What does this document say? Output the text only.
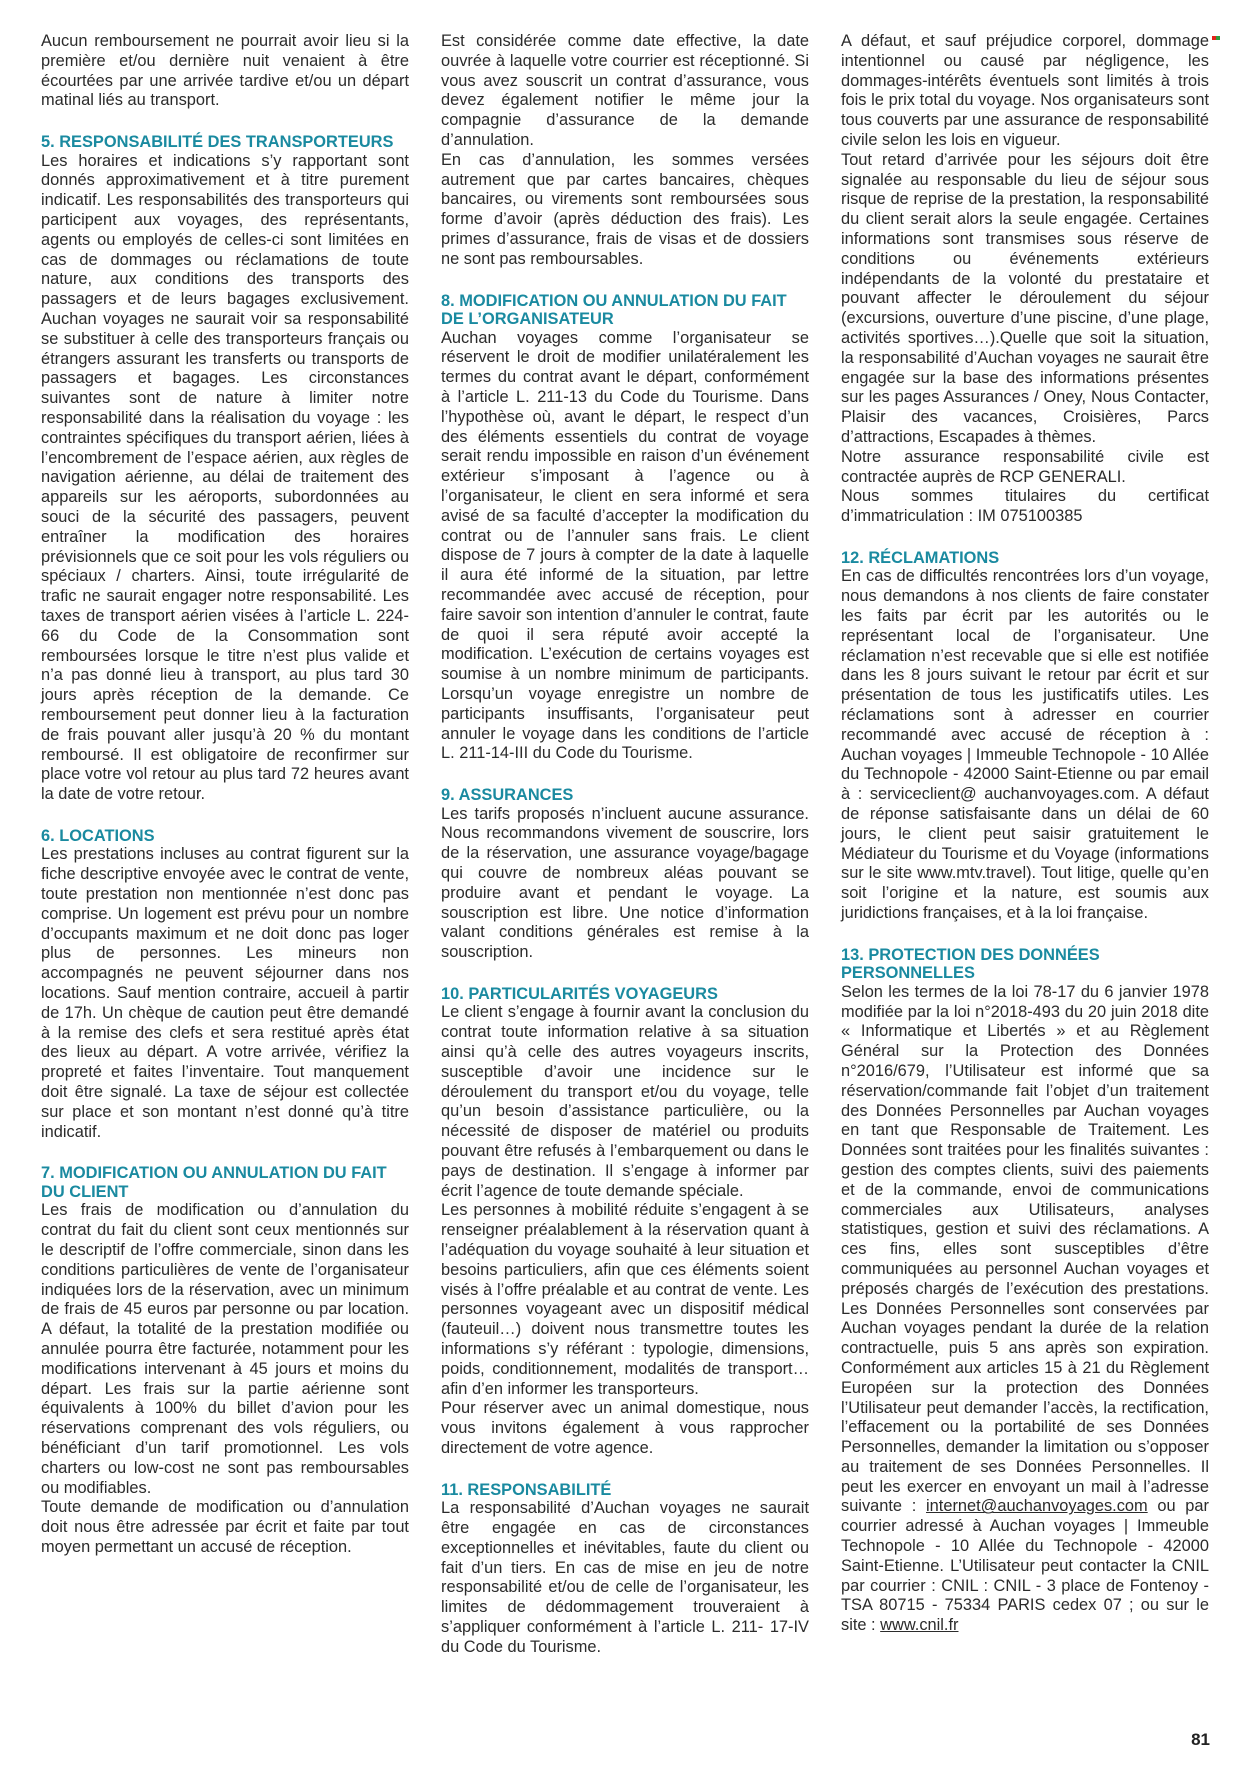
Aucun remboursement ne pourrait avoir lieu si la première et/ou dernière nuit venaient à être écourtées par une arrivée tardive et/ou un départ matinal liés au transport.

5. RESPONSABILITÉ DES TRANSPORTEURS

Les horaires et indications s’y rapportant sont donnés approximativement et à titre purement indicatif. Les responsabilités des transporteurs qui participent aux voyages, des représentants, agents ou employés de celles-ci sont limitées en cas de dommages ou réclamations de toute nature, aux conditions des transports des passagers et de leurs bagages exclusivement. Auchan voyages ne saurait voir sa responsabilité se substituer à celle des transporteurs français ou étrangers assurant les transferts ou transports de passagers et bagages. Les circonstances suivantes sont de nature à limiter notre responsabilité dans la réalisation du voyage : les contraintes spécifiques du transport aérien, liées à l’encombrement de l’espace aérien, aux règles de navigation aérienne, au délai de traitement des appareils sur les aéroports, subordonnées au souci de la sécurité des passagers, peuvent entraîner la modification des horaires prévisionnels que ce soit pour les vols réguliers ou spéciaux / charters. Ainsi, toute irrégularité de trafic ne saurait engager notre responsabilité. Les taxes de transport aérien visées à l’article L. 224-66 du Code de la Consommation sont remboursées lorsque le titre n’est plus valide et n’a pas donné lieu à transport, au plus tard 30 jours après réception de la demande. Ce remboursement peut donner lieu à la facturation de frais pouvant aller jusqu’à 20 % du montant remboursé. Il est obligatoire de reconfirmer sur place votre vol retour au plus tard 72 heures avant la date de votre retour.

6. LOCATIONS

Les prestations incluses au contrat figurent sur la fiche descriptive envoyée avec le contrat de vente, toute prestation non mentionnée n’est donc pas comprise. Un logement est prévu pour un nombre d’occupants maximum et ne doit donc pas loger plus de personnes. Les mineurs non accompagnés ne peuvent séjourner dans nos locations. Sauf mention contraire, accueil à partir de 17h. Un chèque de caution peut être demandé à la remise des clefs et sera restitué après état des lieux au départ. A votre arrivée, vérifiez la propreté et faites l’inventaire. Tout manquement doit être signalé. La taxe de séjour est collectée sur place et son montant n’est donné qu’à titre indicatif.

7. MODIFICATION OU ANNULATION DU FAIT DU CLIENT

Les frais de modification ou d’annulation du contrat du fait du client sont ceux mentionnés sur le descriptif de l’offre commerciale, sinon dans les conditions particulières de vente de l’organisateur indiquées lors de la réservation, avec un minimum de frais de 45 euros par personne ou par location. A défaut, la totalité de la prestation modifiée ou annulée pourra être facturée, notamment pour les modifications intervenant à 45 jours et moins du départ. Les frais sur la partie aérienne sont équivalents à 100% du billet d’avion pour les réservations comprenant des vols réguliers, ou bénéficiant d’un tarif promotionnel. Les vols charters ou low-cost ne sont pas remboursables ou modifiables.

Toute demande de modification ou d’annulation doit nous être adressée par écrit et faite par tout moyen permettant un accusé de réception.

Est considérée comme date effective, la date ouvrée à laquelle votre courrier est réceptionné. Si vous avez souscrit un contrat d’assurance, vous devez également notifier le même jour la compagnie d’assurance de la demande d’annulation.

En cas d’annulation, les sommes versées autrement que par cartes bancaires, chèques bancaires, ou virements sont remboursées sous forme d’avoir (après déduction des frais). Les primes d’assurance, frais de visas et de dossiers ne sont pas remboursables.

8. MODIFICATION OU ANNULATION DU FAIT DE L’ORGANISATEUR

Auchan voyages comme l’organisateur se réservent le droit de modifier unilatéralement les termes du contrat avant le départ, conformément à l’article L. 211-13 du Code du Tourisme. Dans l’hypothèse où, avant le départ, le respect d’un des éléments essentiels du contrat de voyage serait rendu impossible en raison d’un événement extérieur s’imposant à l’agence ou à l’organisateur, le client en sera informé et sera avisé de sa faculté d’accepter la modification du contrat ou de l’annuler sans frais. Le client dispose de 7 jours à compter de la date à laquelle il aura été informé de la situation, par lettre recommandée avec accusé de réception, pour faire savoir son intention d’annuler le contrat, faute de quoi il sera réputé avoir accepté la modification. L’exécution de certains voyages est soumise à un nombre minimum de participants. Lorsqu’un voyage enregistre un nombre de participants insuffisants, l’organisateur peut annuler le voyage dans les conditions de l’article L. 211-14-III du Code du Tourisme.

9. ASSURANCES

Les tarifs proposés n’incluent aucune assurance. Nous recommandons vivement de souscrire, lors de la réservation, une assurance voyage/bagage qui couvre de nombreux aléas pouvant se produire avant et pendant le voyage. La souscription est libre. Une notice d’information valant conditions générales est remise à la souscription.

10. PARTICULARITÉS VOYAGEURS

Le client s’engage à fournir avant la conclusion du contrat toute information relative à sa situation ainsi qu’à celle des autres voyageurs inscrits, susceptible d’avoir une incidence sur le déroulement du transport et/ou du voyage, telle qu’un besoin d’assistance particulière, ou la nécessité de disposer de matériel ou produits pouvant être refusés à l’embarquement ou dans le pays de destination. Il s’engage à informer par écrit l’agence de toute demande spéciale.

Les personnes à mobilité réduite s’engagent à se renseigner préalablement à la réservation quant à l’adéquation du voyage souhaité à leur situation et besoins particuliers, afin que ces éléments soient visés à l’offre préalable et au contrat de vente. Les personnes voyageant avec un dispositif médical (fauteuil…) doivent nous transmettre toutes les informations s’y référant : typologie, dimensions, poids, conditionnement, modalités de transport… afin d’en informer les transporteurs.

Pour réserver avec un animal domestique, nous vous invitons également à vous rapprocher directement de votre agence.

11. RESPONSABILITÉ

La responsabilité d’Auchan voyages ne saurait être engagée en cas de circonstances exceptionnelles et inévitables, faute du client ou fait d’un tiers. En cas de mise en jeu de notre responsabilité et/ou de celle de l’organisateur, les limites de dédommagement trouveraient à s’appliquer conformément à l’article L. 211- 17-IV du Code du Tourisme.

A défaut, et sauf préjudice corporel, dommage intentionnel ou causé par négligence, les dommages-intérêts éventuels sont limités à trois fois le prix total du voyage. Nos organisateurs sont tous couverts par une assurance de responsabilité civile selon les lois en vigueur.

Tout retard d’arrivée pour les séjours doit être signalée au responsable du lieu de séjour sous risque de reprise de la prestation, la responsabilité du client serait alors la seule engagée. Certaines informations sont transmises sous réserve de conditions ou événements extérieurs indépendants de la volonté du prestataire et pouvant affecter le déroulement du séjour (excursions, ouverture d’une piscine, d’une plage, activités sportives…).Quelle que soit la situation, la responsabilité d’Auchan voyages ne saurait être engagée sur la base des informations présentes sur les pages Assurances / Oney, Nous Contacter, Plaisir des vacances, Croisières, Parcs d’attractions, Escapades à thèmes.

Notre assurance responsabilité civile est contractée auprès de RCP GENERALI.

Nous sommes titulaires du certificat d’immatriculation : IM 075100385

12. RÉCLAMATIONS

En cas de difficultés rencontrées lors d’un voyage, nous demandons à nos clients de faire constater les faits par écrit par les autorités ou le représentant local de l’organisateur. Une réclamation n’est recevable que si elle est notifiée dans les 8 jours suivant le retour par écrit et sur présentation de tous les justificatifs utiles. Les réclamations sont à adresser en courrier recommandé avec accusé de réception à : Auchan voyages | Immeuble Technopole - 10 Allée du Technopole - 42000 Saint-Etienne ou par email à : serviceclient@ auchanvoyages.com. A défaut de réponse satisfaisante dans un délai de 60 jours, le client peut saisir gratuitement le Médiateur du Tourisme et du Voyage (informations sur le site www.mtv.travel). Tout litige, quelle qu’en soit l’origine et la nature, est soumis aux juridictions françaises, et à la loi française.

13. PROTECTION DES DONNÉES PERSONNELLES

Selon les termes de la loi 78-17 du 6 janvier 1978 modifiée par la loi n°2018-493 du 20 juin 2018 dite « Informatique et Libertés » et au Règlement Général sur la Protection des Données n°2016/679, l’Utilisateur est informé que sa réservation/commande fait l’objet d’un traitement des Données Personnelles par Auchan voyages en tant que Responsable de Traitement. Les Données sont traitées pour les finalités suivantes : gestion des comptes clients, suivi des paiements et de la commande, envoi de communications commerciales aux Utilisateurs, analyses statistiques, gestion et suivi des réclamations. A ces fins, elles sont susceptibles d’être communiquées au personnel Auchan voyages et préposés chargés de l’exécution des prestations. Les Données Personnelles sont conservées par Auchan voyages pendant la durée de la relation contractuelle, puis 5 ans après son expiration. Conformément aux articles 15 à 21 du Règlement Européen sur la protection des Données l’Utilisateur peut demander l’accès, la rectification, l’effacement ou la portabilité de ses Données Personnelles, demander la limitation ou s’opposer au traitement de ses Données Personnelles. Il peut les exercer en envoyant un mail à l’adresse suivante : internet@auchanvoyages.com ou par courrier adressé à Auchan voyages | Immeuble Technopole - 10 Allée du Technopole - 42000 Saint-Etienne. L’Utilisateur peut contacter la CNIL par courrier : CNIL : CNIL - 3 place de Fontenoy - TSA 80715 - 75334 PARIS cedex 07 ; ou sur le site : www.cnil.fr

81
